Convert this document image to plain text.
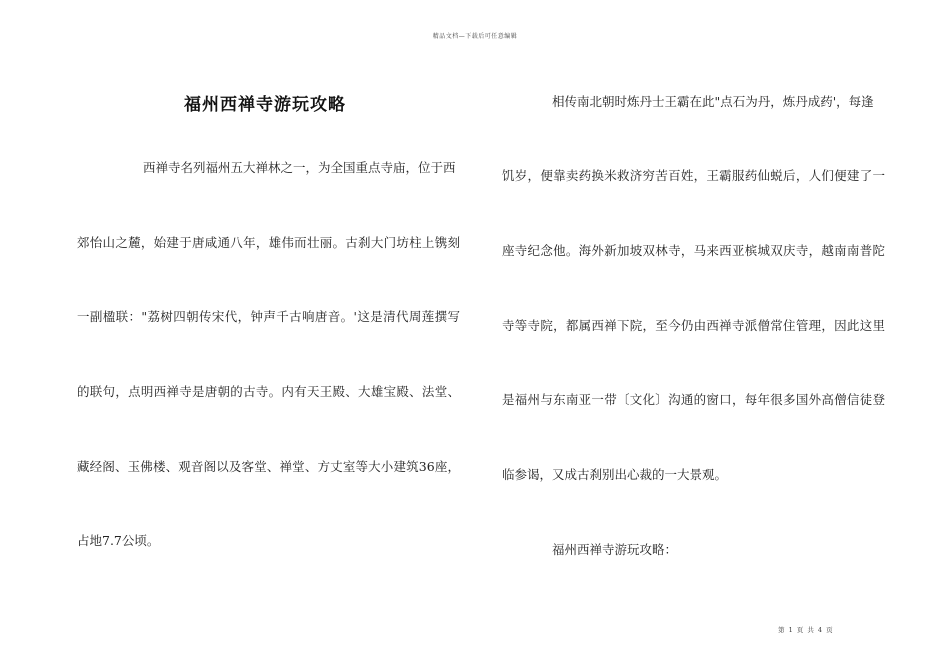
精品文档—下载后可任意编辑
福州西禅寺游玩攻略
西禅寺名列福州五大禅林之一，为全国重点寺庙，位于西
郊怡山之麓，始建于唐咸通八年，雄伟而壮丽。古刹大门坊柱上镌刻
一副楹联："荔树四朝传宋代，钟声千古响唐音。'这是清代周莲撰写
的联句，点明西禅寺是唐朝的古寺。内有天王殿、大雄宝殿、法堂、
藏经阁、玉佛楼、观音阁以及客堂、禅堂、方丈室等大小建筑36座，
占地7.7公顷。
相传南北朝时炼丹士王霸在此"点石为丹，炼丹成药'，每逢
饥岁，便靠卖药换米救济穷苦百姓，王霸服药仙蜕后，人们便建了一
座寺纪念他。海外新加坡双林寺，马来西亚槟城双庆寺，越南南普陀
寺等寺院，都属西禅下院，至今仍由西禅寺派僧常住管理，因此这里
是福州与东南亚一带〔文化〕沟通的窗口，每年很多国外高僧信徒登
临参谒，又成古刹别出心裁的一大景观。
福州西禅寺游玩攻略：
第 1 页 共 4 页
